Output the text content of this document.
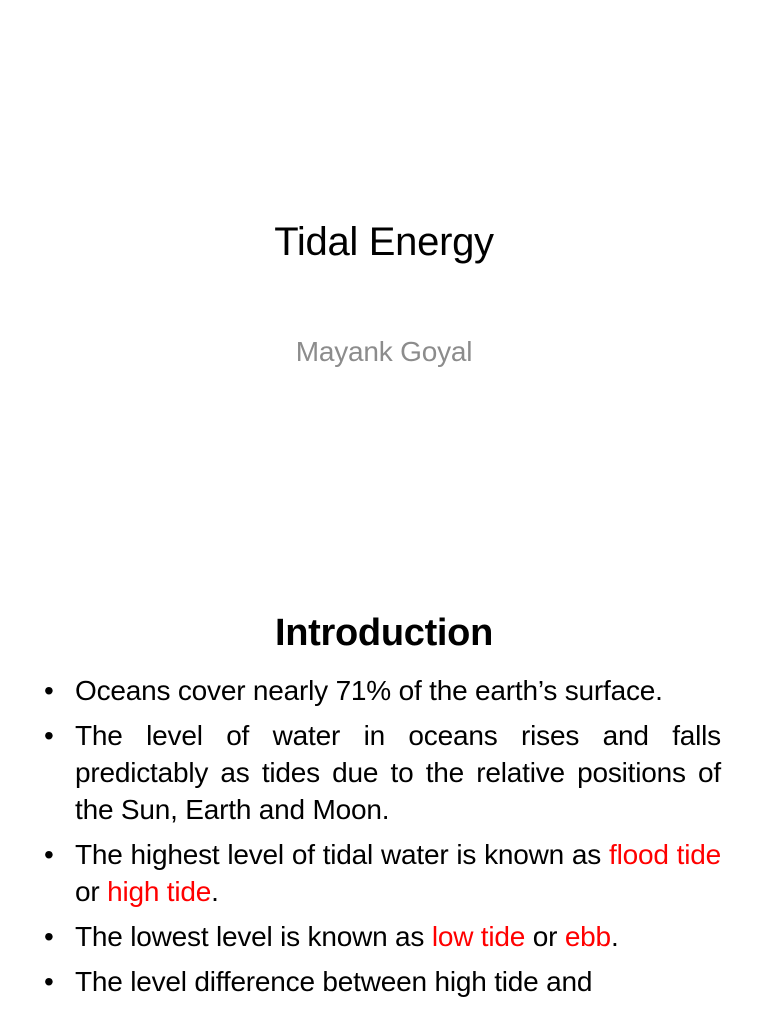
Tidal Energy
Mayank Goyal
Introduction
• Oceans cover nearly 71% of the earth’s surface.
• The level of water in oceans rises and falls predictably as tides due to the relative positions of the Sun, Earth and Moon.
• The highest level of tidal water is known as flood tide or high tide.
• The lowest level is known as low tide or ebb.
• The level difference between high tide and
